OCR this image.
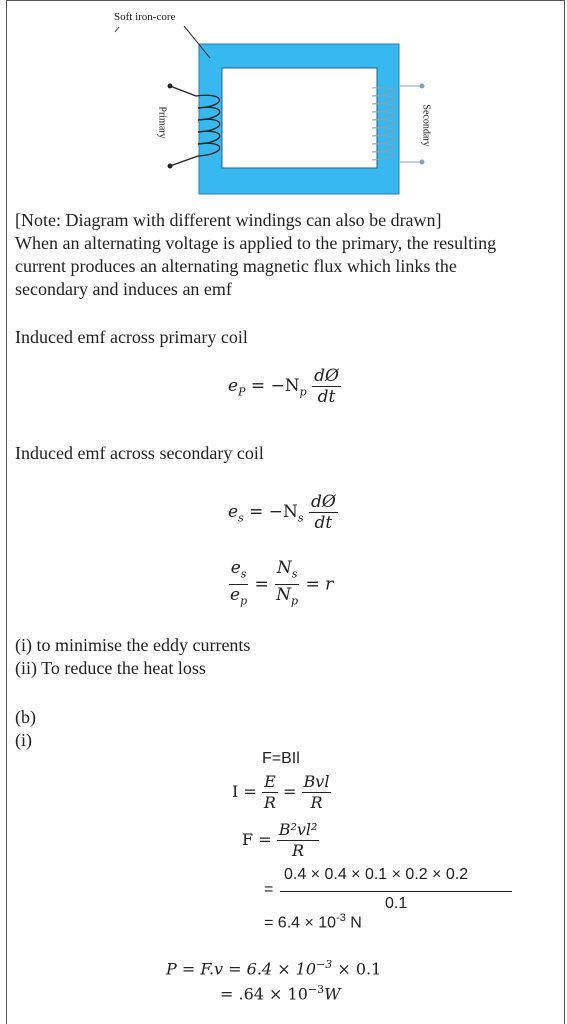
Soft iron-core
Primary	Secondary
[Note: Diagram with different windings can also be drawn]
When an alternating voltage is applied to the primary, the resulting
current produces an alternating magnetic flux which links the
secondary and induces an emf
Induced emf across primary coil
$e_P = -N_p \frac{dØ}{dt}$
Induced emf across secondary coil
$e_s = -N_s \frac{dØ}{dt}$
$\frac{e_s}{e_p} = \frac{N_s}{N_p} = r$
(i) to minimise the eddy currents
(ii) To reduce the heat loss
(b)
(i)
F=BIl
$I = \frac{E}{R} = \frac{\text{Bvl}}{R}$
$F = \frac{\text{B²vl²}}{R}$
=
0.4 × 0.4 × 0.1 × 0.2 × 0.2
0.1
= $6.4 \times 10^{-3}$ N
$P = F.v = 6.4 \times 10^{-3} \times 0.1$
= $.64 \times 10^{-3}W$
